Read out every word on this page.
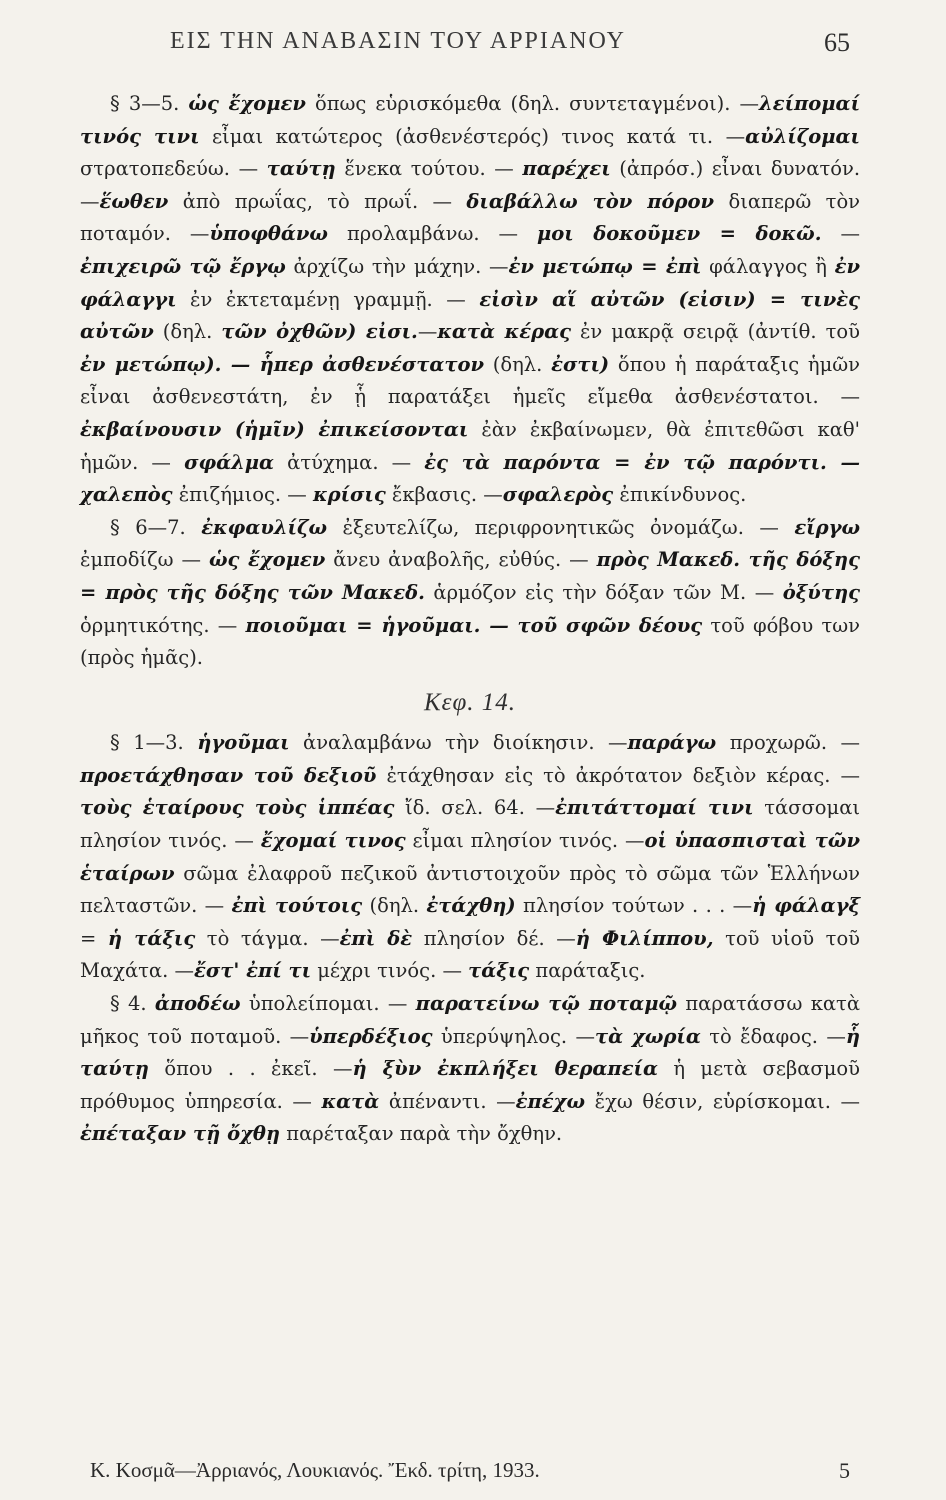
ΕΙΣ ΤΗΝ ΑΝΑΒΑΣΙΝ ΤΟΥ ΑΡΡΙΑΝΟΥ	65

§ 3—5. ὡς ἔχομεν ὅπως εὑρισκόμεθα (δηλ. συντεταγμένοι). —λείπομαί τινός τινι εἶμαι κατώτερος (ἀσθενέστερός) τινος κατά τι. —αὐλίζομαι στρατοπεδεύω. — ταύτῃ ἕνεκα τούτου. — παρέχει (ἀπρόσ.) εἶναι δυνατόν. —ἕωθεν ἀπὸ πρωΐας, τὸ πρωΐ. — διαβάλλω τὸν πόρον διαπερῶ τὸν ποταμόν. —ὑποφθάνω προλαμβάνω. — μοι δοκοῦμεν = δοκῶ. — ἐπιχειρῶ τῷ ἔργῳ ἀρχίζω τὴν μάχην. —ἐν μετώπῳ = ἐπὶ φάλαγγος ἢ ἐν φάλαγγι ἐν ἐκτεταμένῃ γραμμῇ. — εἰσὶν αἵ αὐτῶν (εἰσιν) = τινὲς αὐτῶν (δηλ. τῶν ὀχθῶν) εἰσι.—κατὰ κέρας ἐν μακρᾷ σειρᾷ (ἀντίθ. τοῦ ἐν μετώπῳ). — ἧπερ ἀσθενέστατον (δηλ. ἐστι) ὅπου ἡ παράταξις ἡμῶν εἶναι ἀσθενεστάτη, ἐν ᾗ παρατάξει ἡμεῖς εἴμεθα ἀσθενέστατοι. — ἐκβαίνουσιν (ἡμῖν) ἐπικείσονται ἐὰν ἐκβαίνωμεν, θὰ ἐπιτεθῶσι καθ' ἡμῶν. — σφάλμα ἀτύχημα. — ἐς τὰ παρόντα = ἐν τῷ παρόντι. — χαλεπὸς ἐπιζήμιος. — κρίσις ἔκβασις. —σφαλερὸς ἐπικίνδυνος.

§ 6—7. ἐκφαυλίζω ἐξευτελίζω, περιφρονητικῶς ὀνομάζω. — εἴργω ἐμποδίζω — ὡς ἔχομεν ἄνευ ἀναβολῆς, εὐθύς. — πρὸς Μακεδ. τῆς δόξης = πρὸς τῆς δόξης τῶν Μακεδ. ἁρμόζον εἰς τὴν δόξαν τῶν Μ. — ὀξύτης ὁρμητικότης. — ποιοῦμαι = ἡγοῦμαι. — τοῦ σφῶν δέους τοῦ φόβου των (πρὸς ἡμᾶς).

Κεφ. 14.

§ 1—3. ἡγοῦμαι ἀναλαμβάνω τὴν διοίκησιν. —παράγω προχωρῶ. —προετάχθησαν τοῦ δεξιοῦ ἐτάχθησαν εἰς τὸ ἀκρότατον δεξιὸν κέρας. — τοὺς ἑταίρους τοὺς ἱππέας ἴδ. σελ. 64. —ἐπιτάττομαί τινι τάσσομαι πλησίον τινός. — ἔχομαί τινος εἶμαι πλησίον τινός. —οἱ ὑπασπισταὶ τῶν ἑταίρων σῶμα ἐλαφροῦ πεζικοῦ ἀντιστοιχοῦν πρὸς τὸ σῶμα τῶν Ἑλλήνων πελταστῶν. — ἐπὶ τούτοις (δηλ. ἐτάχθη) πλησίον τούτων . . . —ἡ φάλαγξ = ἡ τάξις τὸ τάγμα. —ἐπὶ δὲ πλησίον δέ. —ἡ Φιλίππου, τοῦ υἱοῦ τοῦ Μαχάτα. —ἔστ' ἐπί τι μέχρι τινός. — τάξις παράταξις.

§ 4. ἀποδέω ὑπολείπομαι. — παρατείνω τῷ ποταμῷ παρατάσσω κατὰ μῆκος τοῦ ποταμοῦ. —ὑπερδέξιος ὑπερύψηλος. —τὰ χωρία τὸ ἔδαφος. —ἧ ταύτῃ ὅπου . . ἐκεῖ. —ἡ ξὺν ἐκπλήξει θεραπεία ἡ μετὰ σεβασμοῦ πρόθυμος ὑπηρεσία. — κατὰ ἀπέναντι. —ἐπέχω ἔχω θέσιν, εὑρίσκομαι. —ἐπέταξαν τῇ ὄχθῃ παρέταξαν παρὰ τὴν ὄχθην.

Κ. Κοσμᾶ—Ἀρριανός, Λουκιανός. Ἔκδ. τρίτη, 1933.	5
